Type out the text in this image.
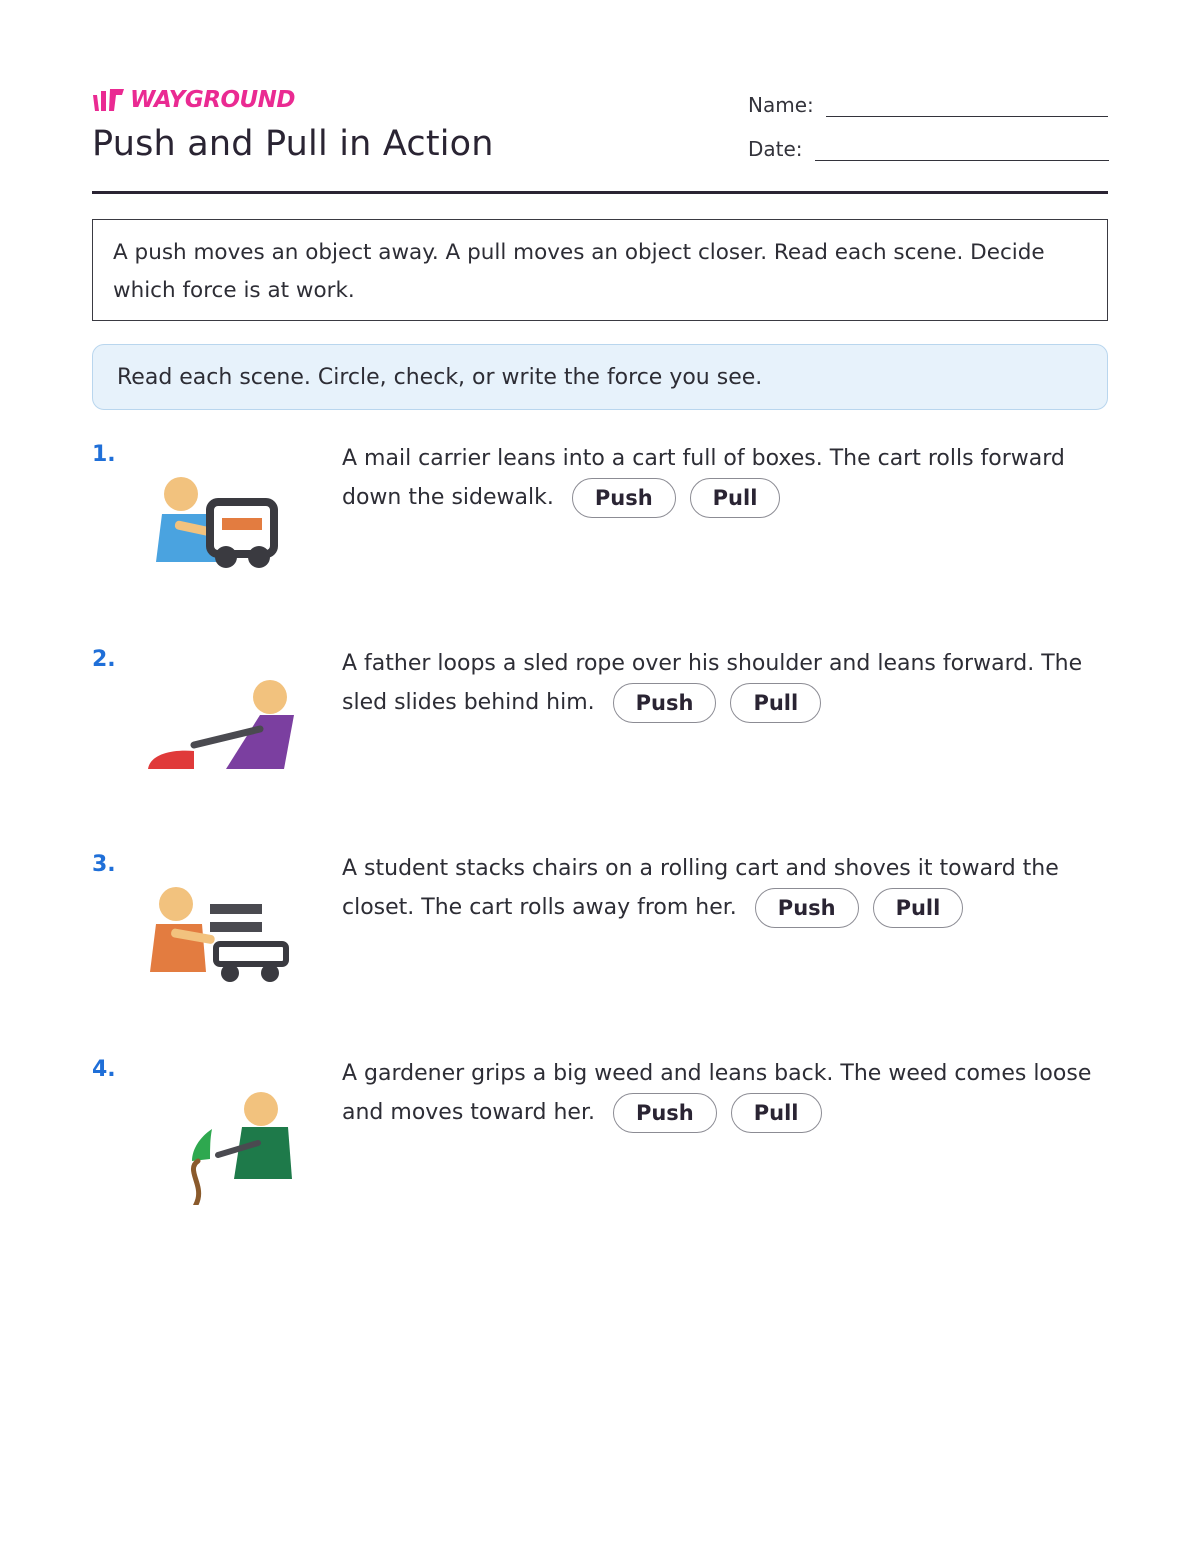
WAYGROUND
Push and Pull in Action
Name:
Date:
A push moves an object away. A pull moves an object closer. Read each scene. Decide which force is at work.
Read each scene. Circle, check, or write the force you see.
1.	A mail carrier leans into a cart full of boxes. The cart rolls forward down the sidewalk. Push	Pull
2.	A father loops a sled rope over his shoulder and leans forward. The sled slides behind him. Push	Pull
3.	A student stacks chairs on a rolling cart and shoves it toward the closet. The cart rolls away from her. Push	Pull
4.	A gardener grips a big weed and leans back. The weed comes loose and moves toward her. Push	Pull
